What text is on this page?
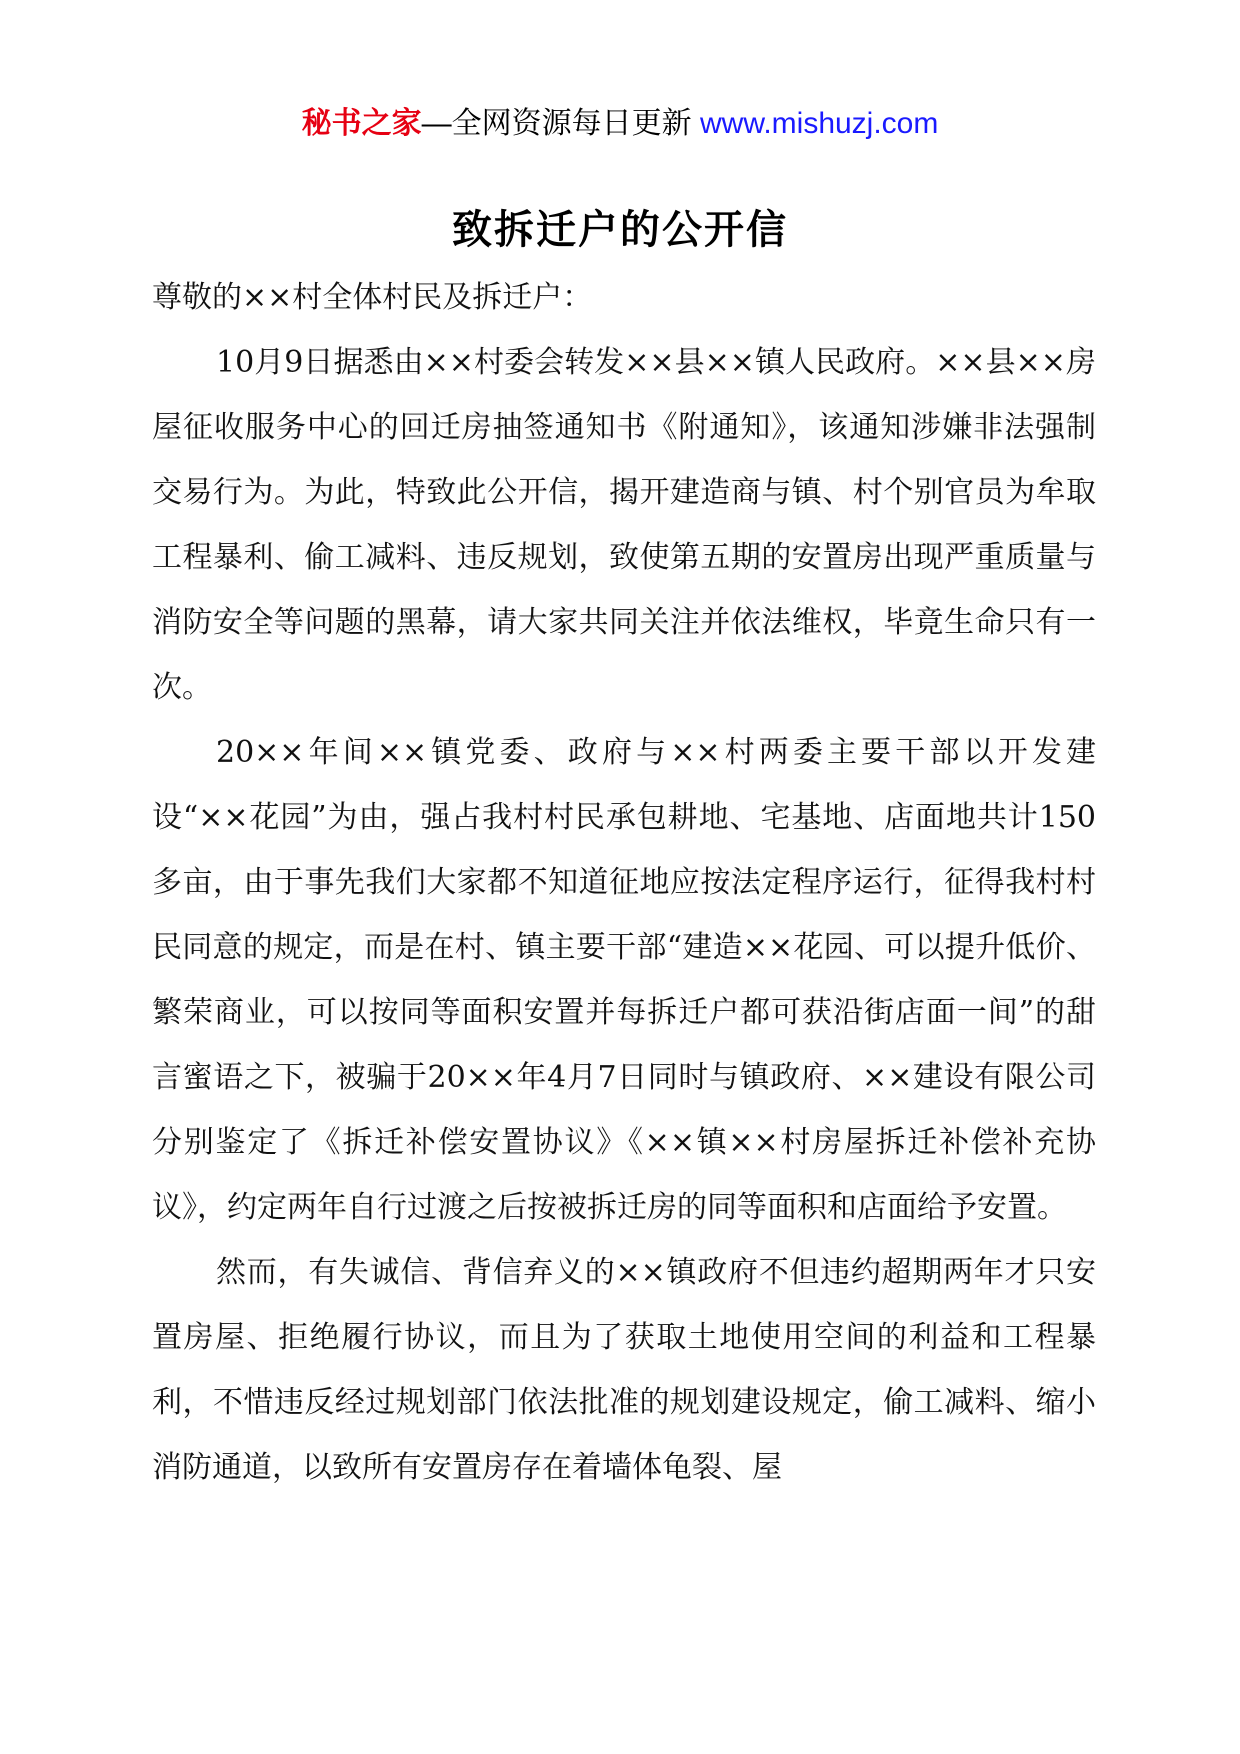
秘书之家—全网资源每日更新 www.mishuzj.com
致拆迁户的公开信

尊敬的××村全体村民及拆迁户：

10月9日据悉由××村委会转发××县××镇人民政府。××县××房屋征收服务中心的回迁房抽签通知书《附通知》，该通知涉嫌非法强制交易行为。为此，特致此公开信，揭开建造商与镇、村个别官员为牟取工程暴利、偷工减料、违反规划，致使第五期的安置房出现严重质量与消防安全等问题的黑幕，请大家共同关注并依法维权，毕竟生命只有一次。

20××年间××镇党委、政府与××村两委主要干部以开发建设“××花园”为由，强占我村村民承包耕地、宅基地、店面地共计150多亩，由于事先我们大家都不知道征地应按法定程序运行，征得我村村民同意的规定，而是在村、镇主要干部“建造××花园、可以提升低价、繁荣商业，可以按同等面积安置并每拆迁户都可获沿街店面一间”的甜言蜜语之下，被骗于20××年4月7日同时与镇政府、××建设有限公司分别鉴定了《拆迁补偿安置协议》《××镇××村房屋拆迁补偿补充协议》，约定两年自行过渡之后按被拆迁房的同等面积和店面给予安置。

然而，有失诚信、背信弃义的××镇政府不但违约超期两年才只安置房屋、拒绝履行协议，而且为了获取土地使用空间的利益和工程暴利，不惜违反经过规划部门依法批准的规划建设规定，偷工减料、缩小消防通道，以致所有安置房存在着墙体龟裂、屋
